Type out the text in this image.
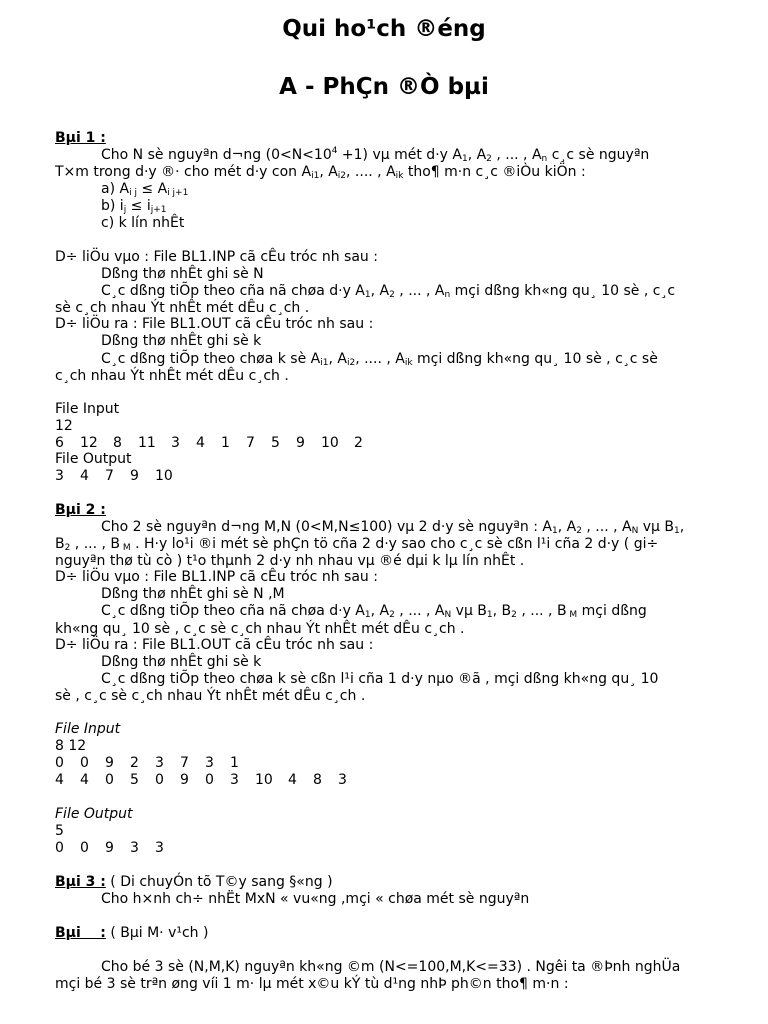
Qui ho¹ch ®éng
A - PhÇn ®Ò bµi
Bµi 1 :
Cho N sè nguyªn d¬ng $(0<N<10^4 +1)$ vµ mét d·y $A_1$, $A_2$ , ... , $A_n$ c¸c sè nguyªn
T×m trong d·y ®· cho mét d·y con $A_{i1}$, $A_{i2}$, .... , $A_{ik}$ tho¶ m·n c¸c ®iÒu kiÖn :
a) $A_{i j} \le A_{i j+1}$
b) $i_j \le i_{j+1}$
c) k lín nhÊt
D÷ liÖu vµo : File BL1.INP cã cÊu tróc nh sau :
Dßng thø nhÊt ghi sè N
C¸c dßng tiÕp theo cña nã chøa d·y $A_1$, $A_2$ , ... , $A_n$ mçi dßng kh«ng qu¸ 10 sè , c¸c
sè c¸ch nhau Ýt nhÊt mét dÊu c¸ch .
D÷ liÖu ra : File BL1.OUT cã cÊu tróc nh sau :
Dßng thø nhÊt ghi sè k
C¸c dßng tiÕp theo chøa k sè $A_{i1}$, $A_{i2}$, .... , $A_{ik}$ mçi dßng kh«ng qu¸ 10 sè , c¸c sè
c¸ch nhau Ýt nhÊt mét dÊu c¸ch .
File Input
12
6 12 8 11 3 4 1 7 5 9 10 2
File Output
3 4 7 9 10
Bµi 2 :
Cho 2 sè nguyªn d¬ng M,N (0<M,N≤100) vµ 2 d·y sè nguyªn : $A_1$, $A_2$ , ... , $A_N$ vµ $B_1$,
$B_2$ , ... , B $_M$ . H·y lo¹i ®i mét sè phÇn tö cña 2 d·y sao cho c¸c sè cßn l¹i cña 2 d·y ( gi÷
nguyªn thø tù cò ) t¹o thµnh 2 d·y nh nhau vµ ®é dµi k lµ lín nhÊt .
D÷ liÖu vµo : File BL1.INP cã cÊu tróc nh sau :
Dßng thø nhÊt ghi sè N ,M
C¸c dßng tiÕp theo cña nã chøa d·y $A_1$, $A_2$ , ... , $A_N$ vµ $B_1$, $B_2$ , ... , B $_M$ mçi dßng
kh«ng qu¸ 10 sè , c¸c sè c¸ch nhau Ýt nhÊt mét dÊu c¸ch .
D÷ liÖu ra : File BL1.OUT cã cÊu tróc nh sau :
Dßng thø nhÊt ghi sè k
C¸c dßng tiÕp theo chøa k sè cßn l¹i cña 1 d·y nµo ®ã , mçi dßng kh«ng qu¸ 10
sè , c¸c sè c¸ch nhau Ýt nhÊt mét dÊu c¸ch .
File Input
8 12
0 0 9 2 3 7 3 1
4 4 0 5 0 9 0 3 10 4 8 3
File Output
5
0 0 9 3 3
Bµi 3 : ( Di chuyÓn tõ T©y sang §«ng )
Cho h×nh ch÷ nhËt MxN « vu«ng ,mçi « chøa mét sè nguyªn
Bµi    : ( Bµi M· v¹ch )
Cho bé 3 sè (N,M,K) nguyªn kh«ng ©m (N<=100,M,K<=33) . Ngêi ta ®Þnh nghÜa
mçi bé 3 sè trªn øng víi 1 m· lµ mét x©u kÝ tù d¹ng nhÞ ph©n tho¶ m·n :
